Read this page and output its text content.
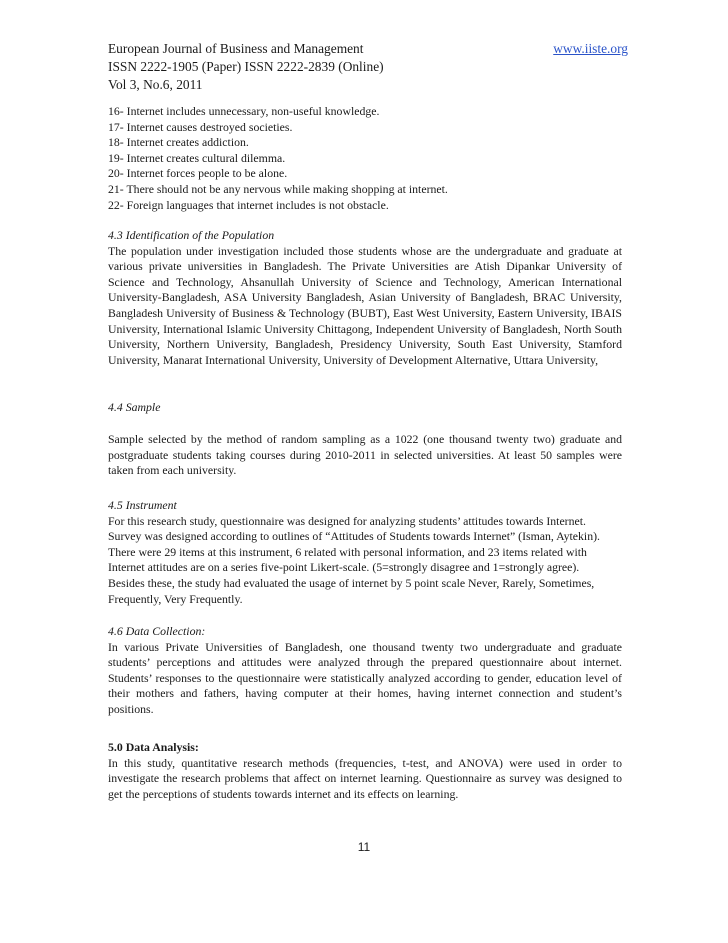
European Journal of Business and Management	www.iiste.org
ISSN 2222-1905 (Paper) ISSN 2222-2839 (Online)
Vol 3, No.6, 2011

16- Internet includes unnecessary, non-useful knowledge.

17- Internet causes destroyed societies.

18- Internet creates addiction.

19- Internet creates cultural dilemma.

20- Internet forces people to be alone.

21- There should not be any nervous while making shopping at internet.

22- Foreign languages that internet includes is not obstacle.

4.3 Identification of the Population

The population under investigation included those students whose are the undergraduate and graduate at various private universities in Bangladesh. The Private Universities are Atish Dipankar University of Science and Technology, Ahsanullah University of Science and Technology, American International University-Bangladesh, ASA University Bangladesh, Asian University of Bangladesh, BRAC University, Bangladesh University of Business & Technology (BUBT), East West University, Eastern University, IBAIS University, International Islamic University Chittagong, Independent University of Bangladesh, North South University, Northern University, Bangladesh, Presidency University, South East University, Stamford University, Manarat International University, University of Development Alternative, Uttara University,

4.4 Sample

Sample selected by the method of random sampling as a 1022 (one thousand twenty two) graduate and postgraduate students taking courses during 2010-2011 in selected universities. At least 50 samples were taken from each university.

4.5 Instrument

For this research study, questionnaire was designed for analyzing students’ attitudes towards Internet.

Survey was designed according to outlines of “Attitudes of Students towards Internet” (Isman, Aytekin).

There were 29 items at this instrument, 6 related with personal information, and 23 items related with

Internet attitudes are on a series five-point Likert-scale. (5=strongly disagree and 1=strongly agree).

Besides these, the study had evaluated the usage of internet by 5 point scale Never, Rarely, Sometimes,

Frequently, Very Frequently.

4.6 Data Collection:

In various Private Universities of Bangladesh, one thousand twenty two undergraduate and graduate students’ perceptions and attitudes were analyzed through the prepared questionnaire about internet. Students’ responses to the questionnaire were statistically analyzed according to gender, education level of their mothers and fathers, having computer at their homes, having internet connection and student’s positions.

5.0 Data Analysis:

In this study, quantitative research methods (frequencies, t-test, and ANOVA) were used in order to investigate the research problems that affect on internet learning. Questionnaire as survey was designed to get the perceptions of students towards internet and its effects on learning.

11
